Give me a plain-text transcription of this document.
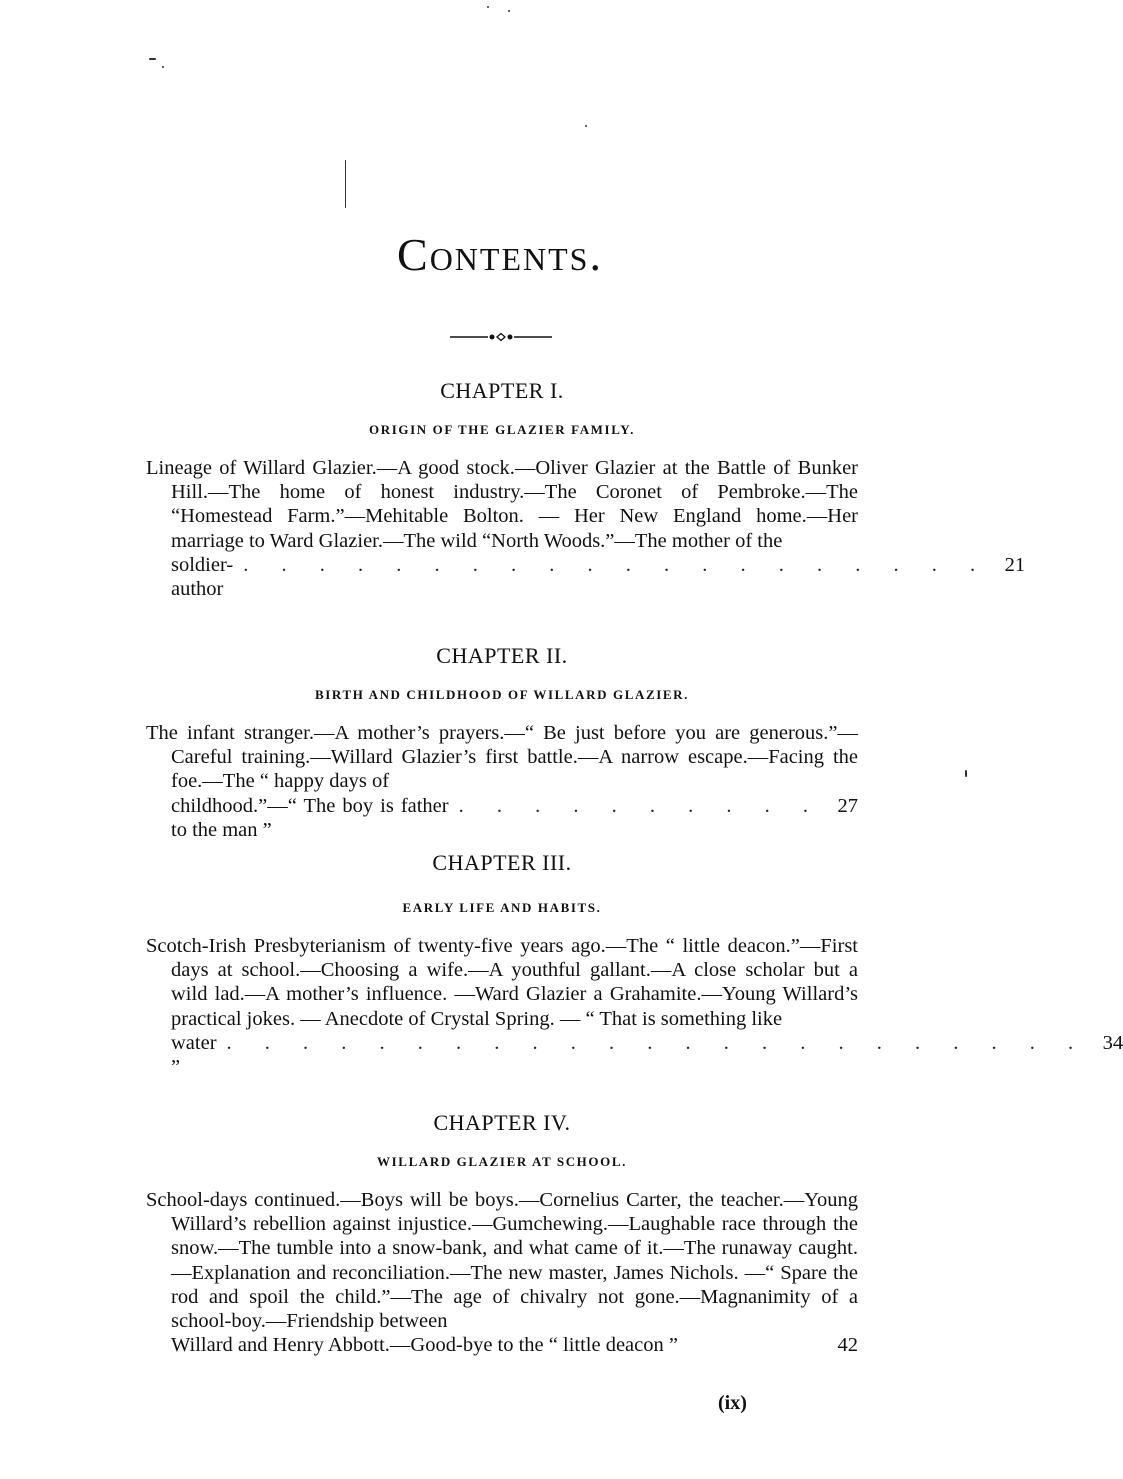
Contents.
CHAPTER I.
ORIGIN OF THE GLAZIER FAMILY.
Lineage of Willard Glazier.—A good stock.—Oliver Glazier at the Battle of Bunker Hill.—The home of honest industry.—The Coronet of Pembroke.—The “Homestead Farm.”—Mehitable Bolton. — Her New England home.—Her marriage to Ward Glazier.—The wild “North Woods.”—The mother of the
soldier-author
. . . . . . . . . . . . . . . . . . . . 21
CHAPTER II.
BIRTH AND CHILDHOOD OF WILLARD GLAZIER.
The infant stranger.—A mother’s prayers.—“ Be just before you are generous.”—Careful training.—Willard Glazier’s first battle.—A narrow escape.—Facing the foe.—The “ happy days of
childhood.”—“ The boy is father to the man ”
. . . . . . . . . . 27
CHAPTER III.
EARLY LIFE AND HABITS.
Scotch-Irish Presbyterianism of twenty-five years ago.—The “ little deacon.”—First days at school.—Choosing a wife.—A youthful gallant.—A close scholar but a wild lad.—A mother’s influence. —Ward Glazier a Grahamite.—Young Willard’s practical jokes. — Anecdote of Crystal Spring. — “ That is something like
water ”
. . . . . . . . . . . . . . . . . . . . . . . 34
CHAPTER IV.
WILLARD GLAZIER AT SCHOOL.
School-days continued.—Boys will be boys.—Cornelius Carter, the teacher.—Young Willard’s rebellion against injustice.—Gumchewing.—Laughable race through the snow.—The tumble into a snow-bank, and what came of it.—The runaway caught.—Explanation and reconciliation.—The new master, James Nichols. —“ Spare the rod and spoil the child.”—The age of chivalry not gone.—Magnanimity of a school-boy.—Friendship between
Willard and Henry Abbott.—Good-bye to the “ little deacon ”	42
(ix)
